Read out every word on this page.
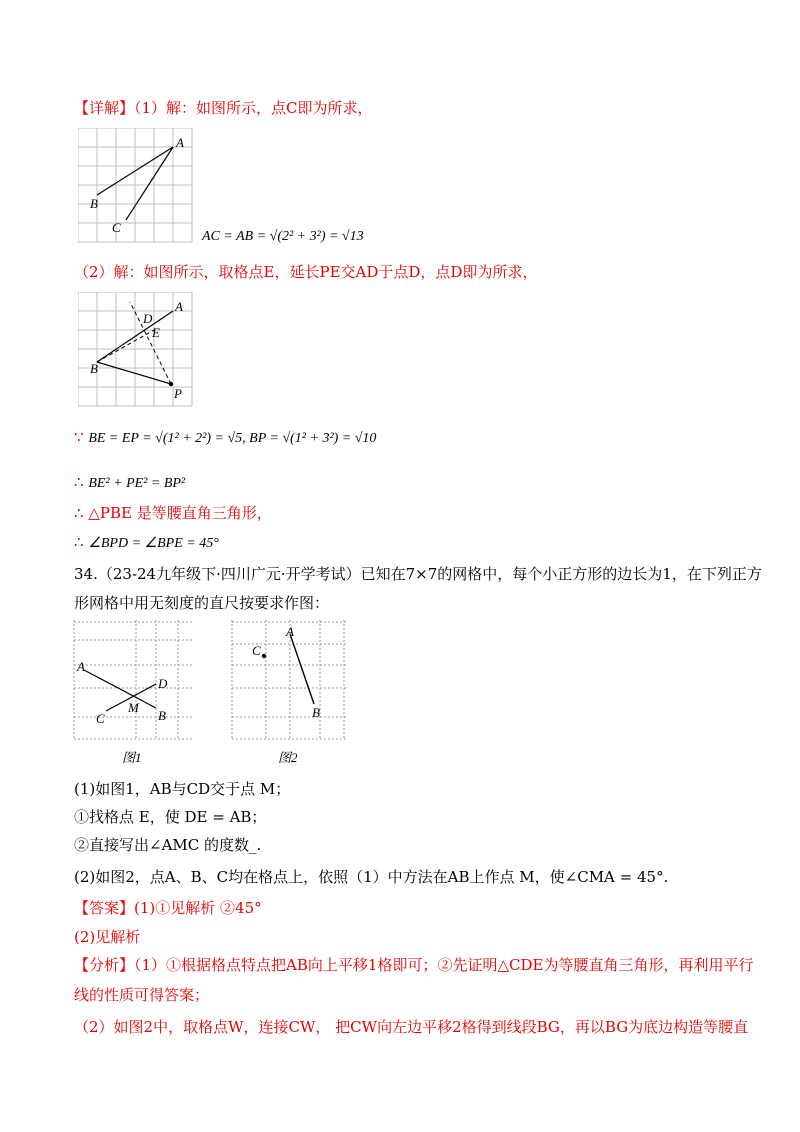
【详解】（1）解：如图所示，点C即为所求，
A
B
C
AC = AB = √(2² + 3²) = √13
（2）解：如图所示，取格点E，延长PE交AD于点D，点D即为所求，
A
D
E
B
P
∵ BE = EP = √(1² + 2²) = √5, BP = √(1² + 3²) = √10
∴ BE² + PE² = BP²
∴ △PBE 是等腰直角三角形，
∴ ∠BPD = ∠BPE = 45°
34.（23-24九年级下·四川广元·开学考试）已知在7×7的网格中，每个小正方形的边长为1，在下列正方
形网格中用无刻度的直尺按要求作图：
A
C
D
M
B
图1
A
C
B
图2
(1)如图1，AB与CD交于点 M；
①找格点 E，使 DE = AB；
②直接写出∠AMC 的度数_.
(2)如图2，点A、B、C均在格点上，依照（1）中方法在AB上作点 M，使∠CMA = 45°.
【答案】(1)①见解析 ②45°
(2)见解析
【分析】（1）①根据格点特点把AB向上平移1格即可；②先证明△CDE为等腰直角三角形，再利用平行
线的性质可得答案；
（2）如图2中，取格点W，连接CW， 把CW向左边平移2格得到线段BG，再以BG为底边构造等腰直
